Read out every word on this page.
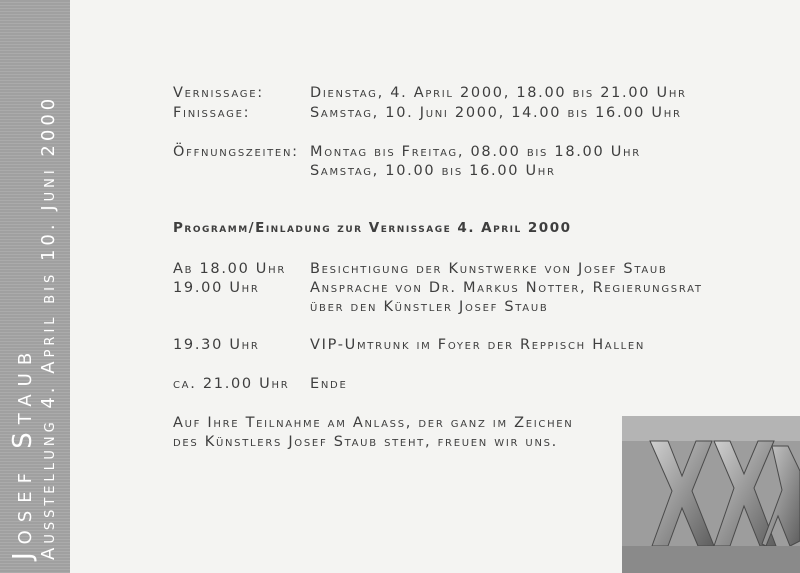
Josef Staub Ausstellung 4. April bis 10. Juni 2000
Vernissage:	Dienstag, 4. April 2000, 18.00 bis 21.00 Uhr
Finissage:	Samstag, 10. Juni 2000, 14.00 bis 16.00 Uhr
Öffnungszeiten: Montag bis Freitag, 08.00 bis 18.00 Uhr
Samstag, 10.00 bis 16.00 Uhr
Programm/Einladung zur Vernissage 4. April 2000
Ab 18.00 Uhr Besichtigung der Kunstwerke von Josef Staub
19.00 Uhr	Ansprache von Dr. Markus Notter, Regierungsrat
über den Künstler Josef Staub
19.30 Uhr	VIP-Umtrunk im Foyer der Reppisch Hallen
ca. 21.00 Uhr Ende
Auf Ihre Teilnahme am Anlass, der ganz im Zeichen
des Künstlers Josef Staub steht, freuen wir uns.
